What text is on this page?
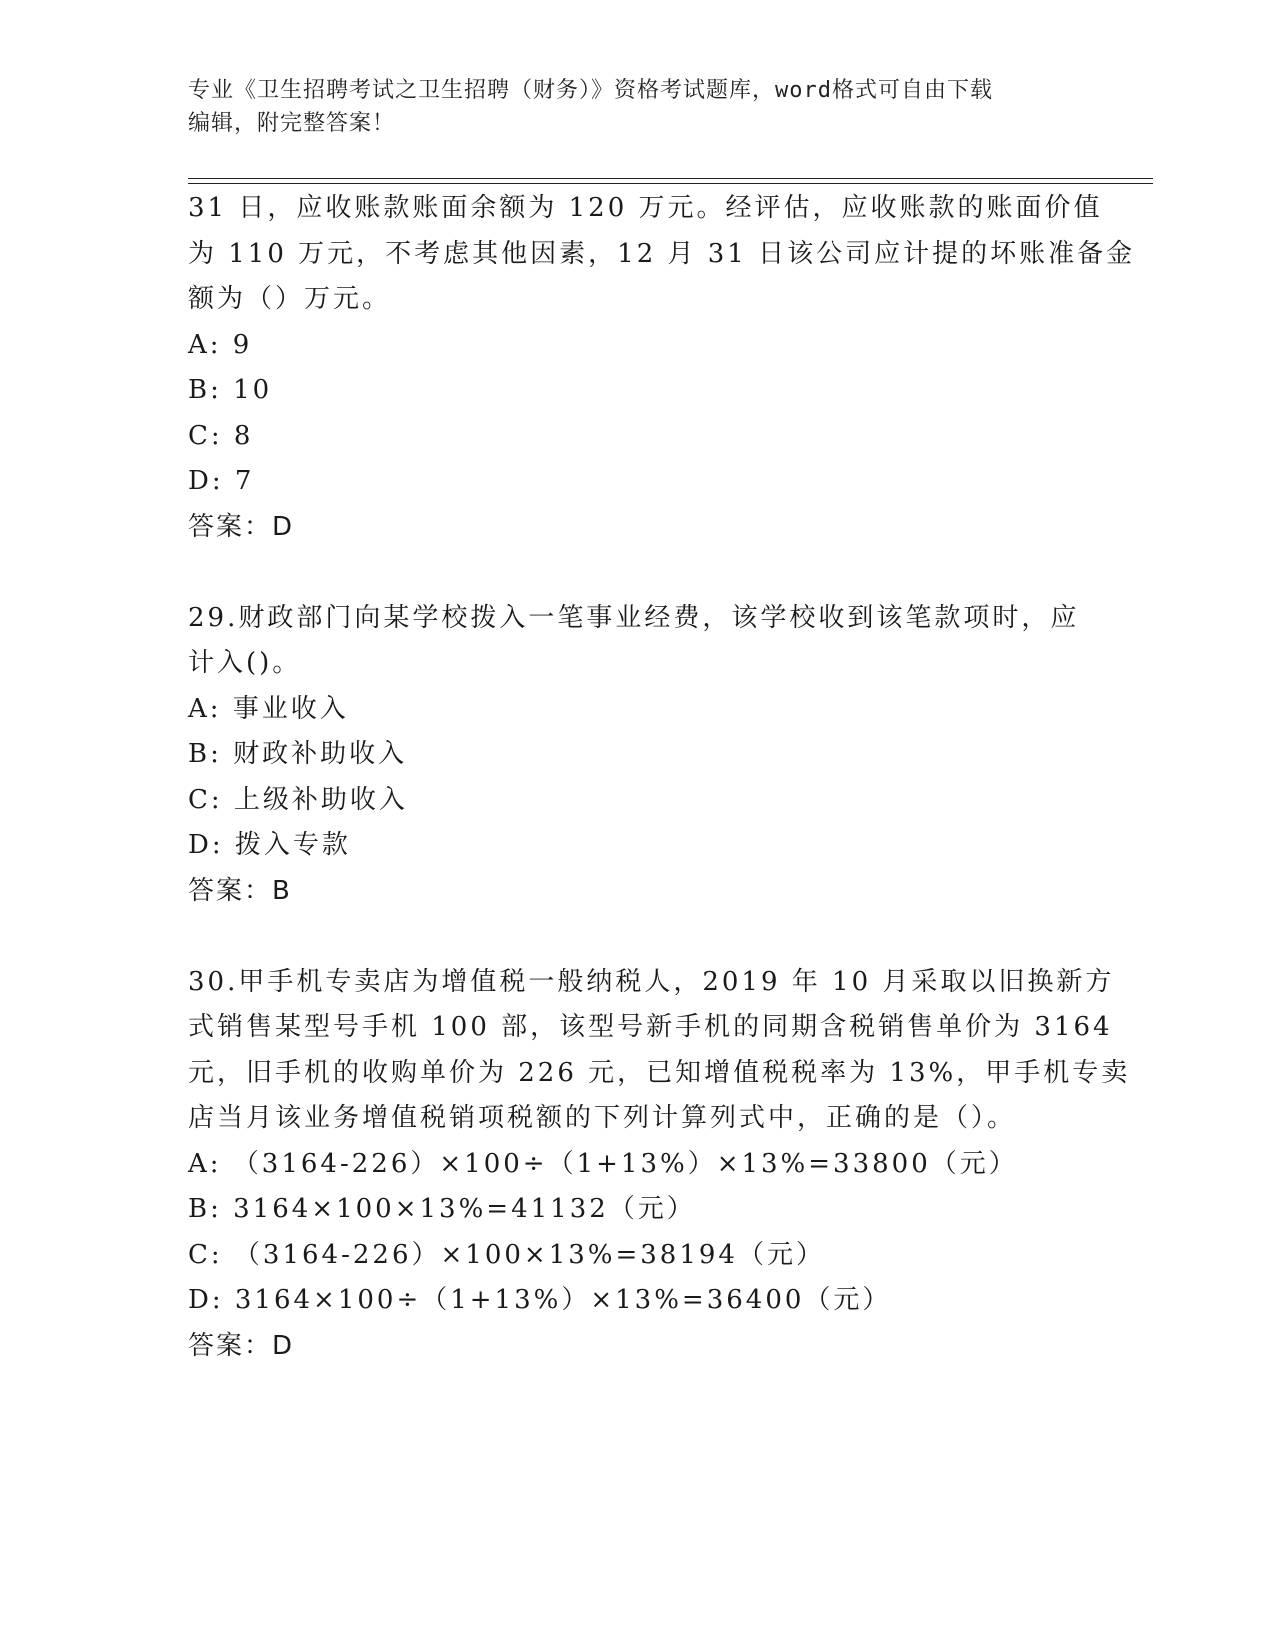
专业《卫生招聘考试之卫生招聘（财务）》资格考试题库，word格式可自由下载
编辑，附完整答案！
31 日，应收账款账面余额为 120 万元。经评估，应收账款的账面价值
为 110 万元，不考虑其他因素，12 月 31 日该公司应计提的坏账准备金
额为（）万元。
A: 9
B: 10
C: 8
D: 7
答案：D
29.财政部门向某学校拨入一笔事业经费，该学校收到该笔款项时，应
计入()。
A: 事业收入
B: 财政补助收入
C: 上级补助收入
D: 拨入专款
答案：B
30.甲手机专卖店为增值税一般纳税人，2019 年 10 月采取以旧换新方
式销售某型号手机 100 部，该型号新手机的同期含税销售单价为 3164
元，旧手机的收购单价为 226 元，已知增值税税率为 13%，甲手机专卖
店当月该业务增值税销项税额的下列计算列式中，正确的是（）。
A: （3164-226）×100÷（1+13%）×13%=33800（元）
B: 3164×100×13%=41132（元）
C: （3164-226）×100×13%=38194（元）
D: 3164×100÷（1+13%）×13%=36400（元）
答案：D
